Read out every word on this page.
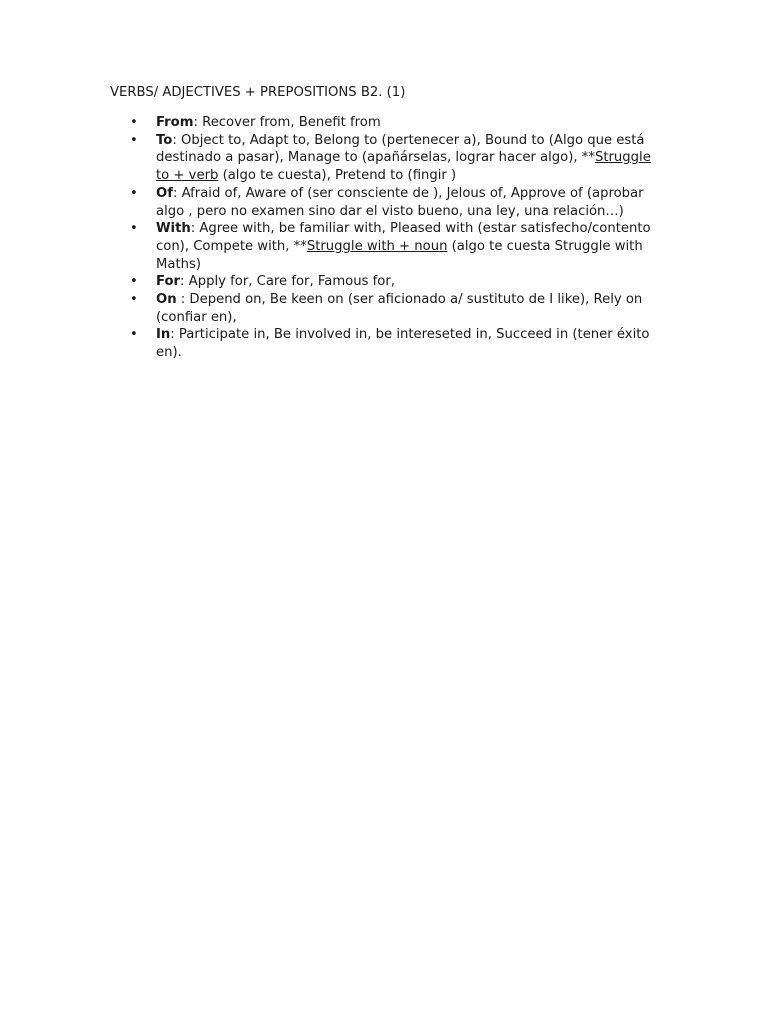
VERBS/ ADJECTIVES + PREPOSITIONS B2. (1)
• From: Recover from, Benefit from
• To: Object to, Adapt to, Belong to (pertenecer a), Bound to (Algo que está destinado a pasar), Manage to (apañárselas, lograr hacer algo), **Struggle to + verb (algo te cuesta), Pretend to (fingir )
• Of: Afraid of, Aware of (ser consciente de ), Jelous of, Approve of (aprobar algo , pero no examen sino dar el visto bueno, una ley, una relación…)
• With: Agree with, be familiar with, Pleased with (estar satisfecho/contento con), Compete with, **Struggle with + noun (algo te cuesta Struggle with Maths)
• For: Apply for, Care for, Famous for,
• On : Depend on, Be keen on (ser aficionado a/ sustituto de I like), Rely on (confiar en),
• In: Participate in, Be involved in, be intereseted in, Succeed in (tener éxito en).
